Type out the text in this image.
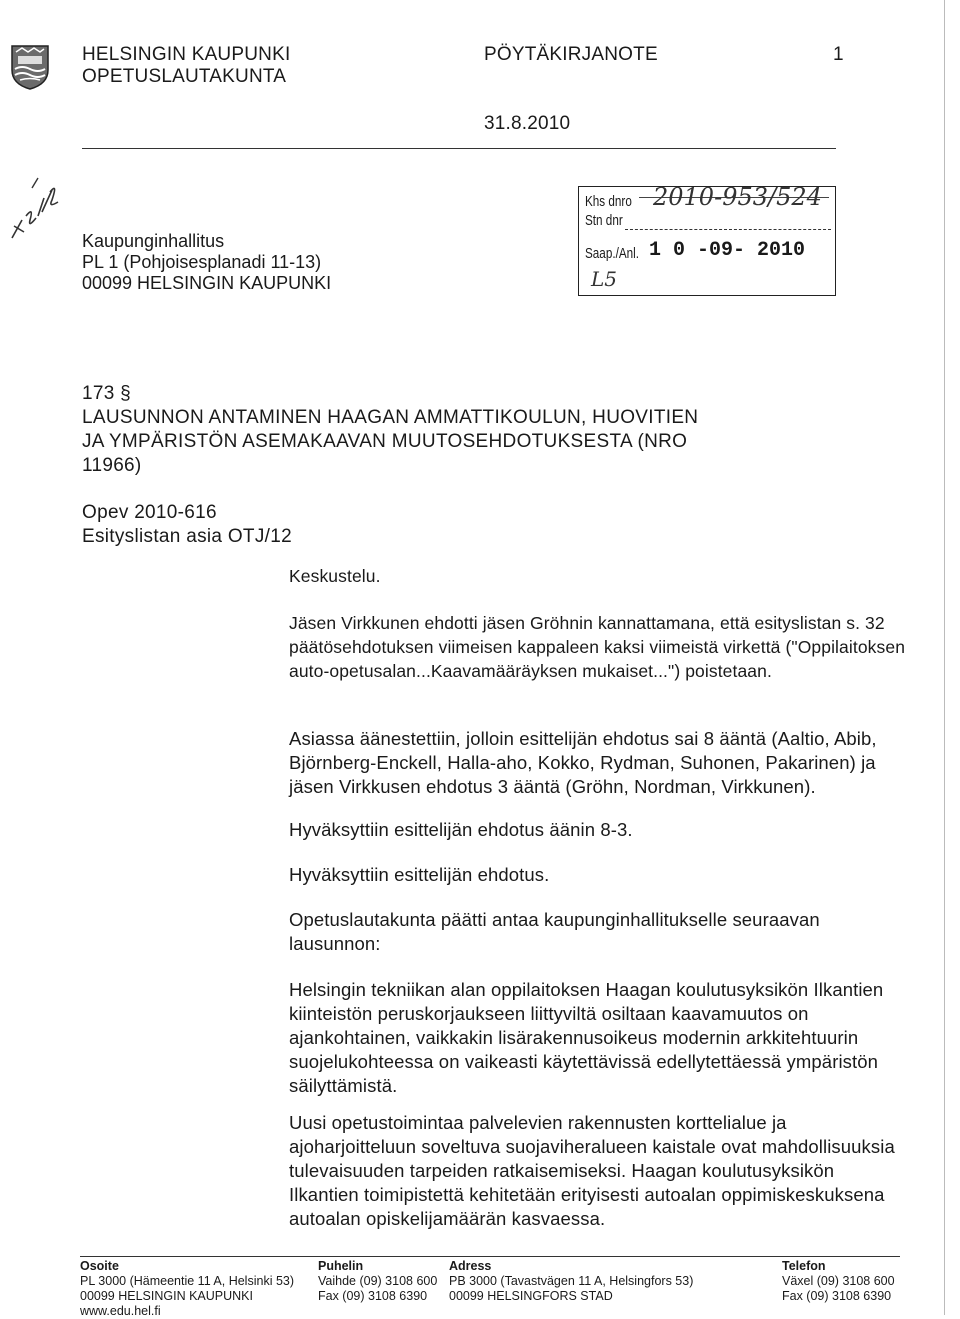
HELSINGIN KAUPUNKI
OPETUSLAUTAKUNTA
PÖYTÄKIRJANOTE	1
31.8.2010
Kaupunginhallitus
PL 1 (Pohjoisesplanadi 11-13)
00099 HELSINGIN KAUPUNKI
Khs dnro
Stn dnr
Saap./Anl. 1 0 -09- 2010
2010-953/524
L5
173 §
LAUSUNNON ANTAMINEN HAAGAN AMMATTIKOULUN, HUOVITIEN
JA YMPÄRISTÖN ASEMAKAAVAN MUUTOSEHDOTUKSESTA (NRO
11966)
Opev 2010-616
Esityslistan asia OTJ/12

Keskustelu.

Jäsen Virkkunen ehdotti jäsen Gröhnin kannattamana, että esityslistan s. 32 päätösehdotuksen viimeisen kappaleen kaksi viimeistä virkettä ("Oppilaitoksen auto-opetusalan...Kaavamääräyksen mukaiset...") poistetaan.

Asiassa äänestettiin, jolloin esittelijän ehdotus sai 8 ääntä (Aaltio, Abib, Björnberg-Enckell, Halla-aho, Kokko, Rydman, Suhonen, Pakarinen) ja jäsen Virkkusen ehdotus 3 ääntä (Gröhn, Nordman, Virkkunen).

Hyväksyttiin esittelijän ehdotus äänin 8-3.

Hyväksyttiin esittelijän ehdotus.

Opetuslautakunta päätti antaa kaupunginhallitukselle seuraavan lausunnon:

Helsingin tekniikan alan oppilaitoksen Haagan koulutusyksikön Ilkantien kiinteistön peruskorjaukseen liittyviltä osiltaan kaavamuutos on ajankohtainen, vaikkakin lisärakennusoikeus modernin arkkitehtuurin suojelukohteessa on vaikeasti käytettävissä edellytettäessä ympäristön säilyttämistä.

Uusi opetustoimintaa palvelevien rakennusten korttelialue ja ajoharjoitteluun soveltuva suojaviheralueen kaistale ovat mahdollisuuksia tulevaisuuden tarpeiden ratkaisemiseksi. Haagan koulutusyksikön Ilkantien toimipistettä kehitetään erityisesti autoalan oppimiskeskuksena autoalan opiskelijamäärän kasvaessa.

Osoite
PL 3000 (Hämeentie 11 A, Helsinki 53)
00099 HELSINGIN KAUPUNKI
www.edu.hel.fi
Puhelin
Vaihde (09) 3108 600
Fax (09) 3108 6390
Adress
PB 3000 (Tavastvägen 11 A, Helsingfors 53)
00099 HELSINGFORS STAD
Telefon
Växel (09) 3108 600
Fax (09) 3108 6390
